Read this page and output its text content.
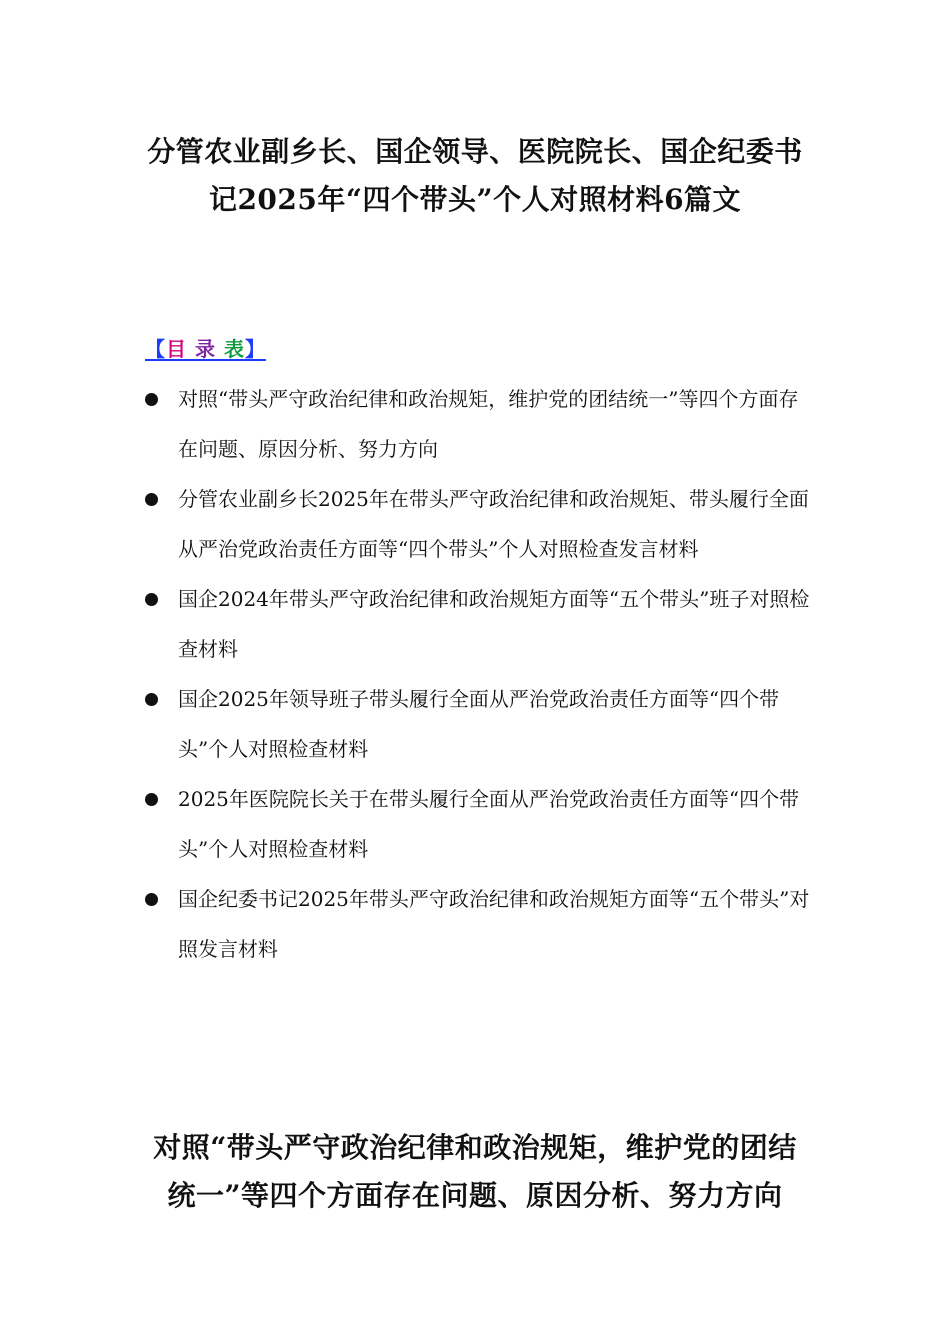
分管农业副乡长、国企领导、医院院长、国企纪委书
记2025年“四个带头”个人对照材料6篇文
【目 录 表】
对照“带头严守政治纪律和政治规矩，维护党的团结统一”等四个方面存在问题、原因分析、努力方向
分管农业副乡长2025年在带头严守政治纪律和政治规矩、带头履行全面从严治党政治责任方面等“四个带头”个人对照检查发言材料
国企2024年带头严守政治纪律和政治规矩方面等“五个带头”班子对照检查材料
国企2025年领导班子带头履行全面从严治党政治责任方面等“四个带头”个人对照检查材料
2025年医院院长关于在带头履行全面从严治党政治责任方面等“四个带头”个人对照检查材料
国企纪委书记2025年带头严守政治纪律和政治规矩方面等“五个带头”对照发言材料
对照“带头严守政治纪律和政治规矩，维护党的团结
统一”等四个方面存在问题、原因分析、努力方向
